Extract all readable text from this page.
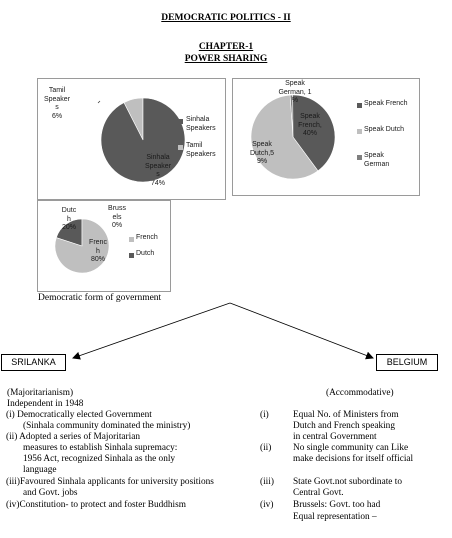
DEMOCRATIC POLITICS - II
CHAPTER-1
POWER SHARING
Tamil
Speaker
s
6%
Sinhala
Speaker
s
74%
Sinhala
Speakers
Tamil
Speakers
Speak
German, 1
%
Speak
French,
40%
Speak
Dutch,5
9%
Speak French
Speak Dutch
Speak
German
Dutc
h
20%
Bruss
els
0%
Frenc
h
80%
French
Dutch
Democratic form of government
SRILANKA	BELGIUM
(Majoritarianism)
Independent in 1948
(i) Democratically elected Government
(Sinhala community dominated the ministry)
(ii) Adopted a series of Majoritarian
measures to establish Sinhala supremacy:
1956 Act, recognized Sinhala as the only
language
(iii)Favoured Sinhala applicants for university positions
and Govt. jobs
(iv)Constitution- to protect and foster Buddhism
(Accommodative)
(i)	Equal No. of Ministers from
Dutch and French speaking
in central Government
(ii) No single community can Like
make decisions for itself official
(iii) State Govt.not subordinate to
Central Govt.
(iv) Brussels: Govt. too had
Equal representation –
